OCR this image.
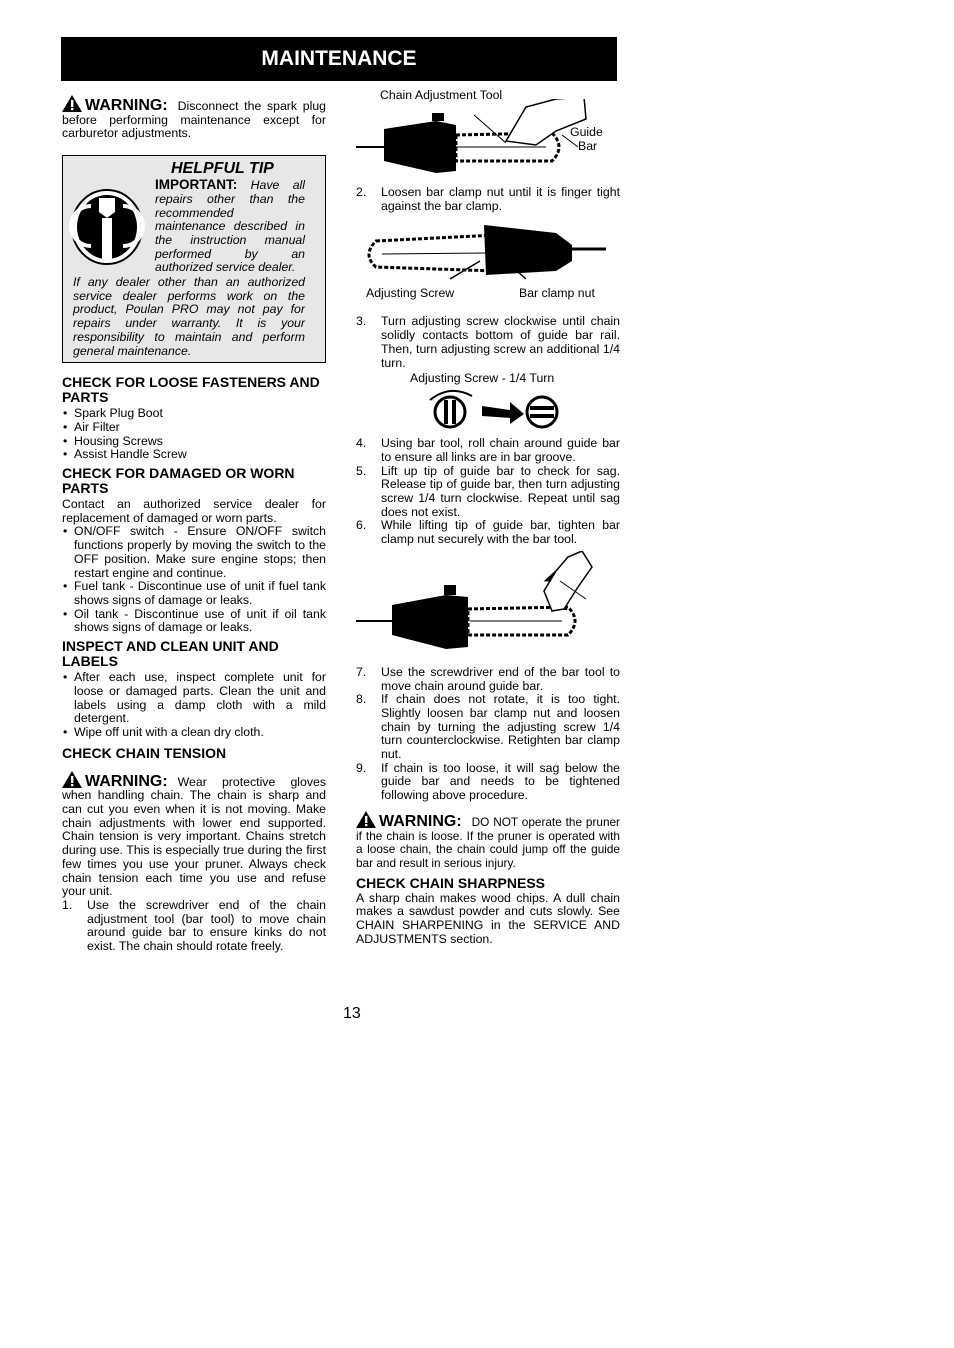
MAINTENANCE

WARNING: Disconnect the spark plug before performing maintenance except for carburetor adjustments.

HELPFUL TIP
IMPORTANT: Have all repairs other than the recommended maintenance described in the instruction manual performed by an authorized service dealer.
If any dealer other than an authorized service dealer performs work on the product, Poulan PRO may not pay for repairs under warranty. It is your responsibility to maintain and perform general maintenance.
CHECK FOR LOOSE FASTENERS AND PARTS
• Spark Plug Boot
• Air Filter
• Housing Screws
• Assist Handle Screw
CHECK FOR DAMAGED OR WORN PARTS

Contact an authorized service dealer for replacement of damaged or worn parts.

• ON/OFF switch - Ensure ON/OFF switch functions properly by moving the switch to the OFF position. Make sure engine stops; then restart engine and continue.
• Fuel tank - Discontinue use of unit if fuel tank shows signs of damage or leaks.
• Oil tank - Discontinue use of unit if oil tank shows signs of damage or leaks.
INSPECT AND CLEAN UNIT AND LABELS
• After each use, inspect complete unit for loose or damaged parts. Clean the unit and labels using a damp cloth with a mild detergent.
• Wipe off unit with a clean dry cloth.
CHECK CHAIN TENSION

WARNING: Wear protective gloves when handling chain. The chain is sharp and can cut you even when it is not moving. Make chain adjustments with lower end supported. Chain tension is very important. Chains stretch during use. This is especially true during the first few times you use your pruner. Always check chain tension each time you use and refuse your unit.

1. Use the screwdriver end of the chain adjustment tool (bar tool) to move chain around guide bar to ensure kinks do not exist. The chain should rotate freely.
Chain Adjustment Tool
Guide
Bar
2. Loosen bar clamp nut until it is finger tight against the bar clamp.
Adjusting Screw	Bar clamp nut
3. Turn adjusting screw clockwise until chain solidly contacts bottom of guide bar rail. Then, turn adjusting screw an additional 1/4 turn.
Adjusting Screw - 1/4 Turn
4. Using bar tool, roll chain around guide bar to ensure all links are in bar groove.
5. Lift up tip of guide bar to check for sag. Release tip of guide bar, then turn adjusting screw 1/4 turn clockwise. Repeat until sag does not exist.
6. While lifting tip of guide bar, tighten bar clamp nut securely with the bar tool.
7. Use the screwdriver end of the bar tool to move chain around guide bar.
8. If chain does not rotate, it is too tight. Slightly loosen bar clamp nut and loosen chain by turning the adjusting screw 1/4 turn counterclockwise. Retighten bar clamp nut.
9. If chain is too loose, it will sag below the guide bar and needs to be tightened following above procedure.

WARNING: DO NOT operate the pruner if the chain is loose. If the pruner is operated with a loose chain, the chain could jump off the guide bar and result in serious injury.

CHECK CHAIN SHARPNESS

A sharp chain makes wood chips. A dull chain makes a sawdust powder and cuts slowly. See CHAIN SHARPENING in the SERVICE AND ADJUSTMENTS section.

13
